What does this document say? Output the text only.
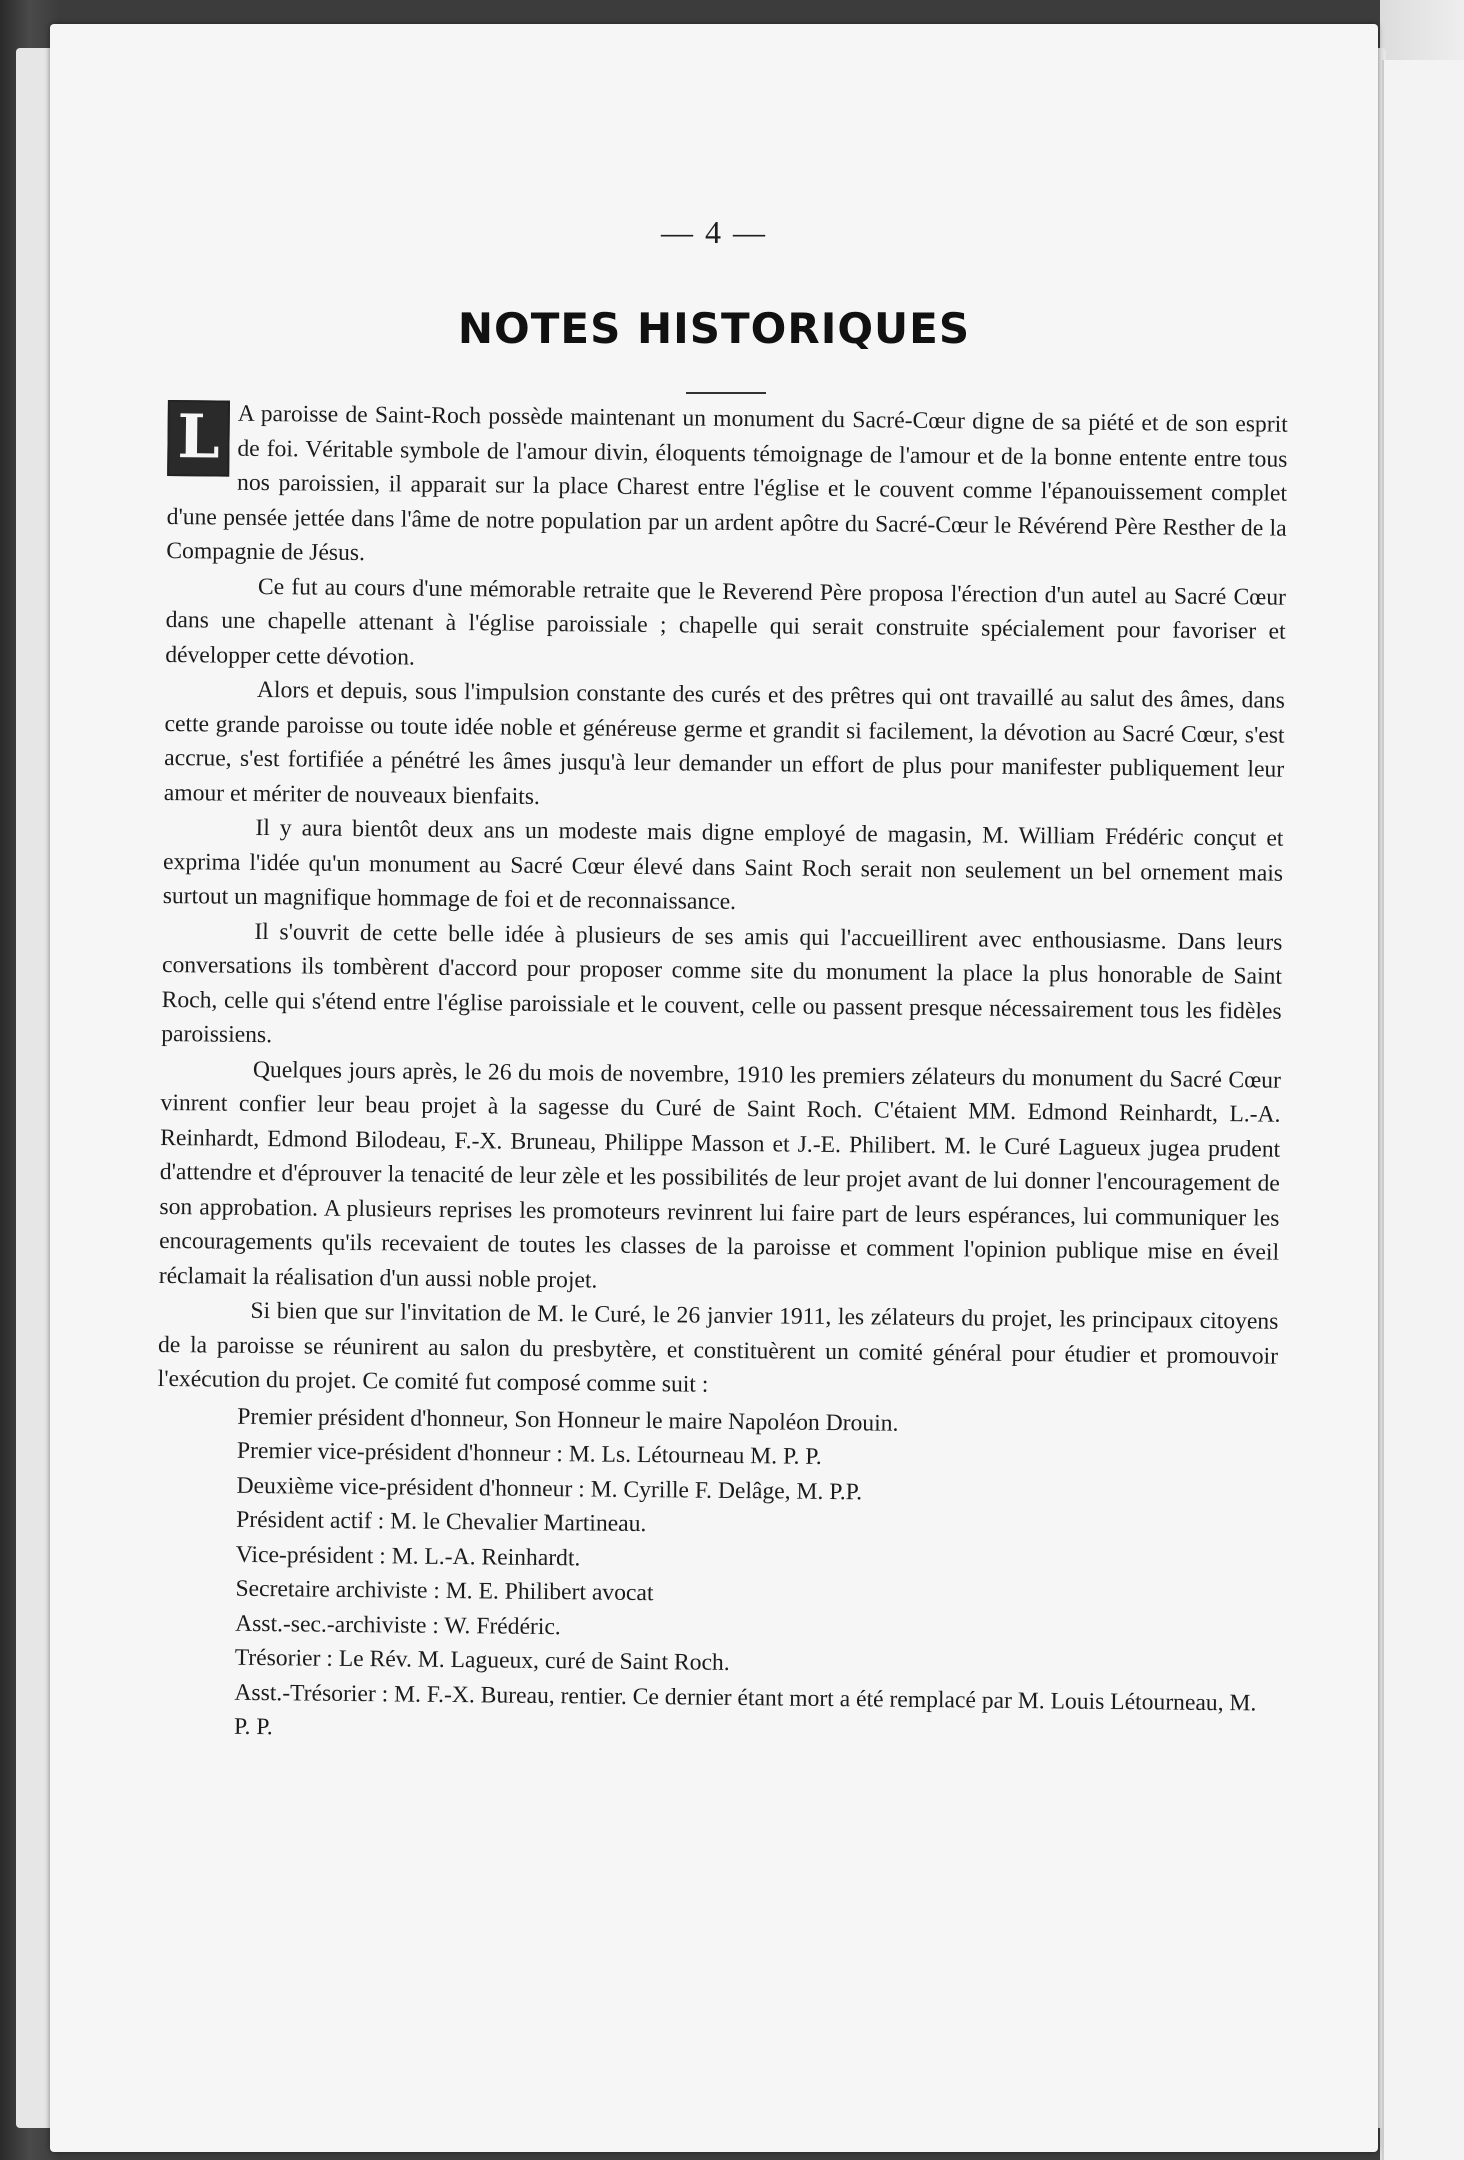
— 4 —
NOTES HISTORIQUES

L A paroisse de Saint-Roch possède maintenant un monument du Sacré-Cœur digne de sa piété et de son esprit de foi. Véritable symbole de l'amour divin, éloquents témoignage de l'amour et de la bonne entente entre tous nos paroissien, il apparait sur la place Charest entre l'église et le couvent comme l'épanouissement complet d'une pensée jettée dans l'âme de notre population par un ardent apôtre du Sacré-Cœur le Révérend Père Resther de la Compagnie de Jésus.

Ce fut au cours d'une mémorable retraite que le Reverend Père proposa l'érection d'un autel au Sacré Cœur dans une chapelle attenant à l'église paroissiale ; chapelle qui serait construite spécialement pour favoriser et développer cette dévotion.

Alors et depuis, sous l'impulsion constante des curés et des prêtres qui ont travaillé au salut des âmes, dans cette grande paroisse ou toute idée noble et généreuse germe et grandit si facilement, la dévotion au Sacré Cœur, s'est accrue, s'est fortifiée a pénétré les âmes jusqu'à leur demander un effort de plus pour manifester publiquement leur amour et mériter de nouveaux bienfaits.

Il y aura bientôt deux ans un modeste mais digne employé de magasin, M. William Frédéric conçut et exprima l'idée qu'un monument au Sacré Cœur élevé dans Saint Roch serait non seulement un bel ornement mais surtout un magnifique hommage de foi et de reconnaissance.

Il s'ouvrit de cette belle idée à plusieurs de ses amis qui l'accueillirent avec enthousiasme. Dans leurs conversations ils tombèrent d'accord pour proposer comme site du monument la place la plus honorable de Saint Roch, celle qui s'étend entre l'église paroissiale et le couvent, celle ou passent presque nécessairement tous les fidèles paroissiens.

Quelques jours après, le 26 du mois de novembre, 1910 les premiers zélateurs du monument du Sacré Cœur vinrent confier leur beau projet à la sagesse du Curé de Saint Roch. C'étaient MM. Edmond Reinhardt, L.-A. Reinhardt, Edmond Bilodeau, F.-X. Bruneau, Philippe Masson et J.-E. Philibert. M. le Curé Lagueux jugea prudent d'attendre et d'éprouver la tenacité de leur zèle et les possibilités de leur projet avant de lui donner l'encouragement de son approbation. A plusieurs reprises les promoteurs revinrent lui faire part de leurs espérances, lui communiquer les encouragements qu'ils recevaient de toutes les classes de la paroisse et comment l'opinion publique mise en éveil réclamait la réalisation d'un aussi noble projet.

Si bien que sur l'invitation de M. le Curé, le 26 janvier 1911, les zélateurs du projet, les principaux citoyens de la paroisse se réunirent au salon du presbytère, et constituèrent un comité général pour étudier et promouvoir l'exécution du projet. Ce comité fut composé comme suit :

Premier président d'honneur, Son Honneur le maire Napoléon Drouin.
Premier vice-président d'honneur : M. Ls. Létourneau M. P. P.
Deuxième vice-président d'honneur : M. Cyrille F. Delâge, M. P.P.
Président actif : M. le Chevalier Martineau.
Vice-président : M. L.-A. Reinhardt.
Secretaire archiviste : M. E. Philibert avocat
Asst.-sec.-archiviste : W. Frédéric.
Trésorier : Le Rév. M. Lagueux, curé de Saint Roch.
Asst.-Trésorier : M. F.-X. Bureau, rentier. Ce dernier étant mort a été remplacé par M. Louis Létourneau, M. P. P.
